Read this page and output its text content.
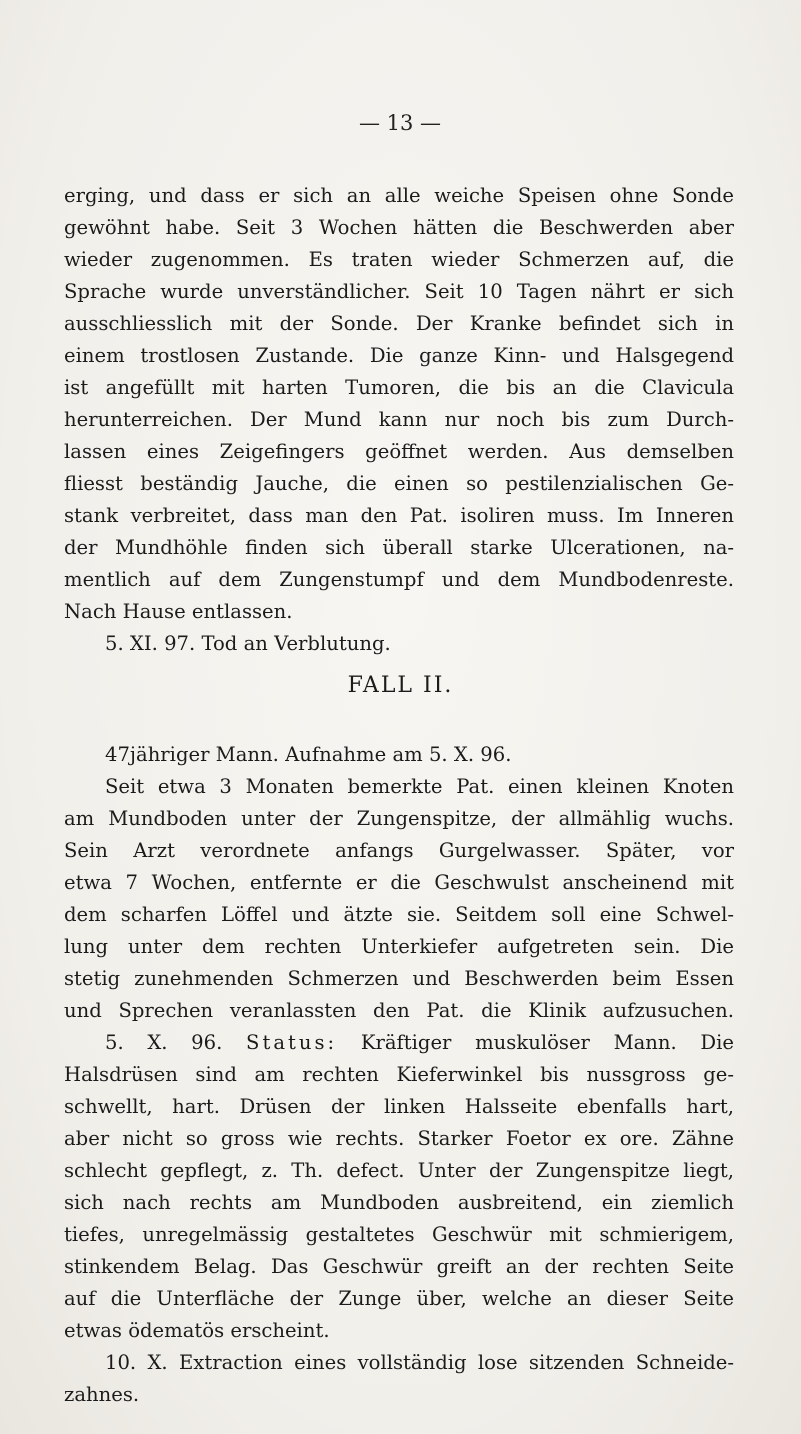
— 13 —
erging, und dass er sich an alle weiche Speisen ohne Sonde
gewöhnt habe. Seit 3 Wochen hätten die Beschwerden aber
wieder zugenommen. Es traten wieder Schmerzen auf, die
Sprache wurde unverständlicher. Seit 10 Tagen nährt er sich
ausschliesslich mit der Sonde. Der Kranke befindet sich in
einem trostlosen Zustande. Die ganze Kinn- und Halsgegend
ist angefüllt mit harten Tumoren, die bis an die Clavicula
herunterreichen. Der Mund kann nur noch bis zum Durch-
lassen eines Zeigefingers geöffnet werden. Aus demselben
fliesst beständig Jauche, die einen so pestilenzialischen Ge-
stank verbreitet, dass man den Pat. isoliren muss. Im Inneren
der Mundhöhle finden sich überall starke Ulcerationen, na-
mentlich auf dem Zungenstumpf und dem Mundbodenreste.
Nach Hause entlassen.
5. XI. 97. Tod an Verblutung.
FALL II.
47jähriger Mann. Aufnahme am 5. X. 96.
Seit etwa 3 Monaten bemerkte Pat. einen kleinen Knoten
am Mundboden unter der Zungenspitze, der allmählig wuchs.
Sein Arzt verordnete anfangs Gurgelwasser. Später, vor
etwa 7 Wochen, entfernte er die Geschwulst anscheinend mit
dem scharfen Löffel und ätzte sie. Seitdem soll eine Schwel-
lung unter dem rechten Unterkiefer aufgetreten sein. Die
stetig zunehmenden Schmerzen und Beschwerden beim Essen
und Sprechen veranlassten den Pat. die Klinik aufzusuchen.
5. X. 96. Status: Kräftiger muskulöser Mann. Die
Halsdrüsen sind am rechten Kieferwinkel bis nussgross ge-
schwellt, hart. Drüsen der linken Halsseite ebenfalls hart,
aber nicht so gross wie rechts. Starker Foetor ex ore. Zähne
schlecht gepflegt, z. Th. defect. Unter der Zungenspitze liegt,
sich nach rechts am Mundboden ausbreitend, ein ziemlich
tiefes, unregelmässig gestaltetes Geschwür mit schmierigem,
stinkendem Belag. Das Geschwür greift an der rechten Seite
auf die Unterfläche der Zunge über, welche an dieser Seite
etwas ödematös erscheint.
10. X. Extraction eines vollständig lose sitzenden Schneide-
zahnes.
